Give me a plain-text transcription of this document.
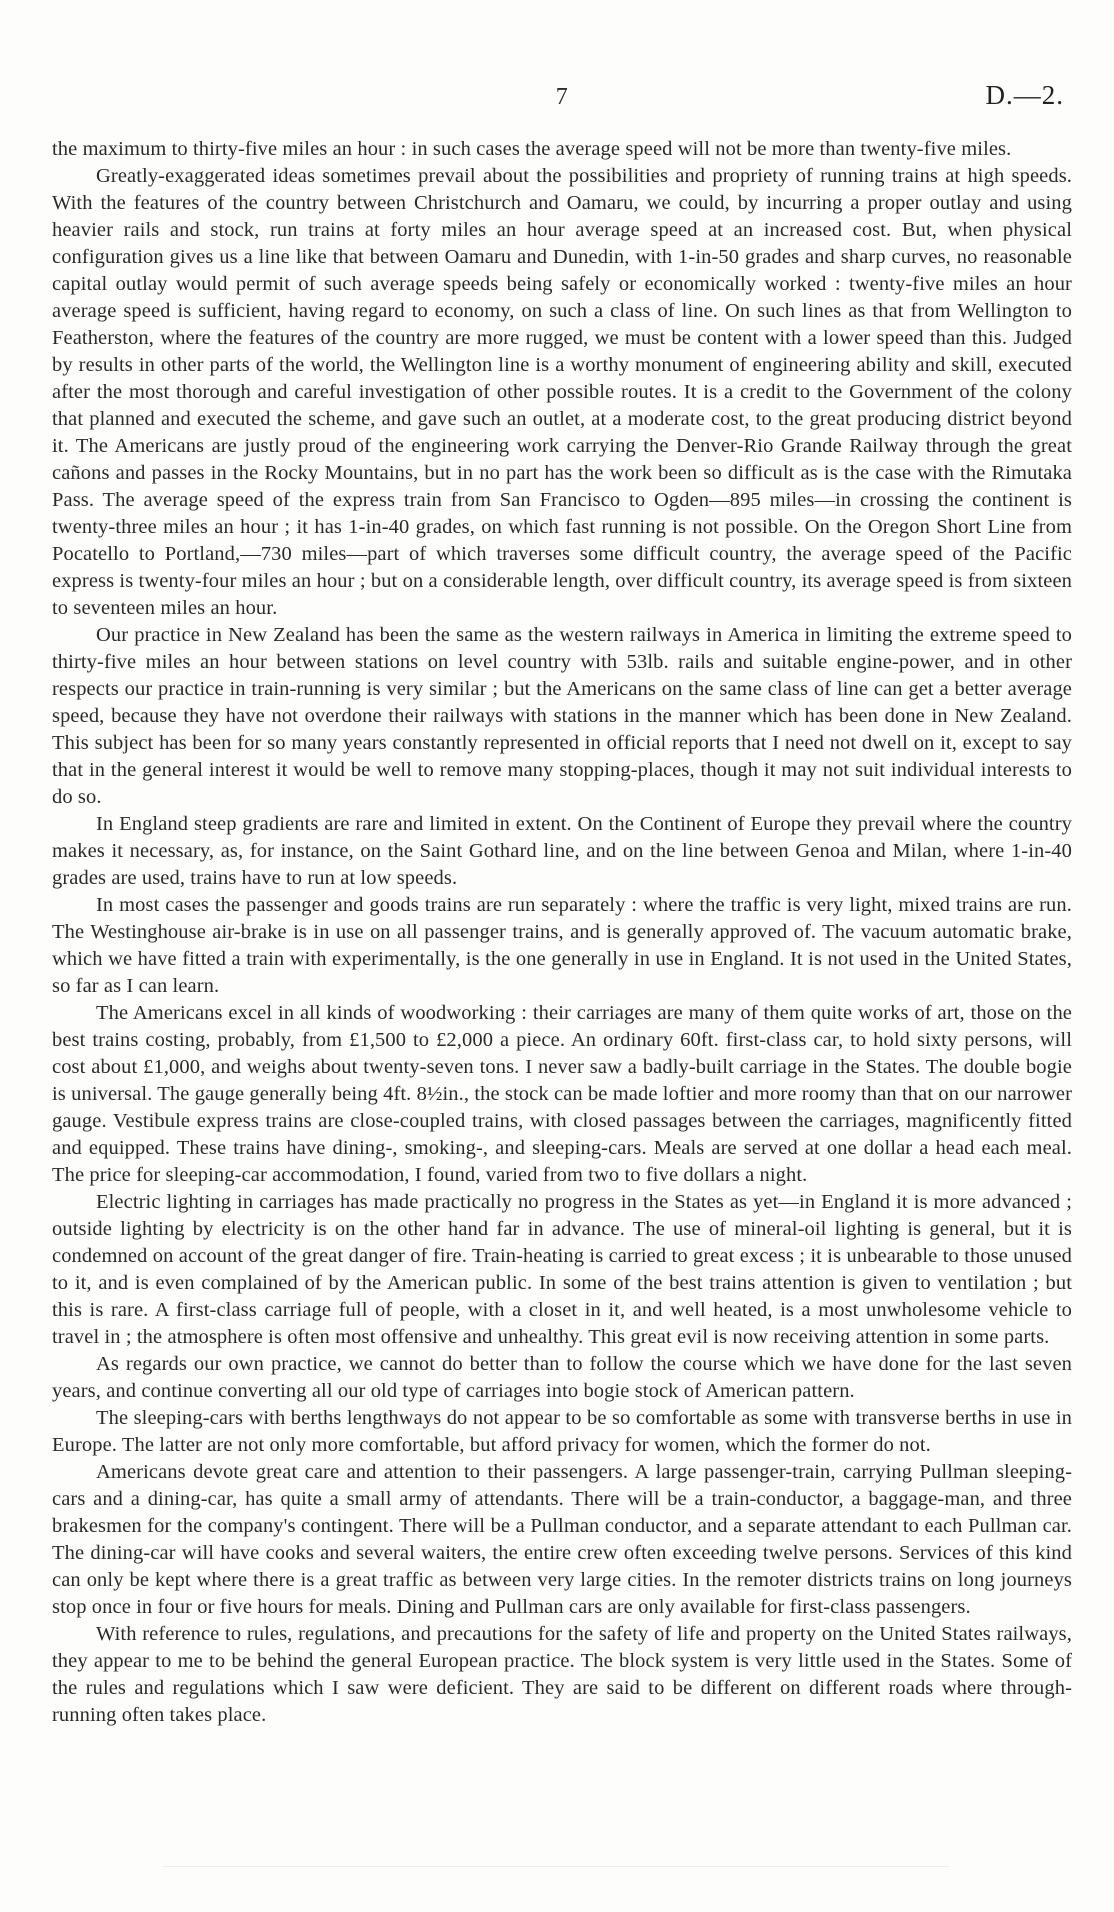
7	D.—2.

the maximum to thirty-five miles an hour : in such cases the average speed will not be more than twenty-five miles.

Greatly-exaggerated ideas sometimes prevail about the possibilities and propriety of running trains at high speeds. With the features of the country between Christchurch and Oamaru, we could, by incurring a proper outlay and using heavier rails and stock, run trains at forty miles an hour average speed at an increased cost. But, when physical configuration gives us a line like that between Oamaru and Dunedin, with 1-in-50 grades and sharp curves, no reasonable capital outlay would permit of such average speeds being safely or economically worked : twenty-five miles an hour average speed is sufficient, having regard to economy, on such a class of line. On such lines as that from Wellington to Featherston, where the features of the country are more rugged, we must be content with a lower speed than this. Judged by results in other parts of the world, the Wellington line is a worthy monument of engineering ability and skill, executed after the most thorough and careful investigation of other possible routes. It is a credit to the Government of the colony that planned and executed the scheme, and gave such an outlet, at a moderate cost, to the great producing district beyond it. The Americans are justly proud of the engineering work carrying the Denver-Rio Grande Railway through the great cañons and passes in the Rocky Mountains, but in no part has the work been so difficult as is the case with the Rimutaka Pass. The average speed of the express train from San Francisco to Ogden—895 miles—in crossing the continent is twenty-three miles an hour ; it has 1-in-40 grades, on which fast running is not possible. On the Oregon Short Line from Pocatello to Portland,—730 miles—part of which traverses some difficult country, the average speed of the Pacific express is twenty-four miles an hour ; but on a considerable length, over difficult country, its average speed is from sixteen to seventeen miles an hour.

Our practice in New Zealand has been the same as the western railways in America in limiting the extreme speed to thirty-five miles an hour between stations on level country with 53lb. rails and suitable engine-power, and in other respects our practice in train-running is very similar ; but the Americans on the same class of line can get a better average speed, because they have not overdone their railways with stations in the manner which has been done in New Zealand. This subject has been for so many years constantly represented in official reports that I need not dwell on it, except to say that in the general interest it would be well to remove many stopping-places, though it may not suit individual interests to do so.

In England steep gradients are rare and limited in extent. On the Continent of Europe they prevail where the country makes it necessary, as, for instance, on the Saint Gothard line, and on the line between Genoa and Milan, where 1-in-40 grades are used, trains have to run at low speeds.

In most cases the passenger and goods trains are run separately : where the traffic is very light, mixed trains are run. The Westinghouse air-brake is in use on all passenger trains, and is generally approved of. The vacuum automatic brake, which we have fitted a train with experimentally, is the one generally in use in England. It is not used in the United States, so far as I can learn.

The Americans excel in all kinds of woodworking : their carriages are many of them quite works of art, those on the best trains costing, probably, from £1,500 to £2,000 a piece. An ordinary 60ft. first-class car, to hold sixty persons, will cost about £1,000, and weighs about twenty-seven tons. I never saw a badly-built carriage in the States. The double bogie is universal. The gauge generally being 4ft. 8½in., the stock can be made loftier and more roomy than that on our narrower gauge. Vestibule express trains are close-coupled trains, with closed passages between the carriages, magnificently fitted and equipped. These trains have dining-, smoking-, and sleeping-cars. Meals are served at one dollar a head each meal. The price for sleeping-car accommodation, I found, varied from two to five dollars a night.

Electric lighting in carriages has made practically no progress in the States as yet—in England it is more advanced ; outside lighting by electricity is on the other hand far in advance. The use of mineral-oil lighting is general, but it is condemned on account of the great danger of fire. Train-heating is carried to great excess ; it is unbearable to those unused to it, and is even complained of by the American public. In some of the best trains attention is given to ventilation ; but this is rare. A first-class carriage full of people, with a closet in it, and well heated, is a most unwholesome vehicle to travel in ; the atmosphere is often most offensive and unhealthy. This great evil is now receiving attention in some parts.

As regards our own practice, we cannot do better than to follow the course which we have done for the last seven years, and continue converting all our old type of carriages into bogie stock of American pattern.

The sleeping-cars with berths lengthways do not appear to be so comfortable as some with transverse berths in use in Europe. The latter are not only more comfortable, but afford privacy for women, which the former do not.

Americans devote great care and attention to their passengers. A large passenger-train, carrying Pullman sleeping-cars and a dining-car, has quite a small army of attendants. There will be a train-conductor, a baggage-man, and three brakesmen for the company's contingent. There will be a Pullman conductor, and a separate attendant to each Pullman car. The dining-car will have cooks and several waiters, the entire crew often exceeding twelve persons. Services of this kind can only be kept where there is a great traffic as between very large cities. In the remoter districts trains on long journeys stop once in four or five hours for meals. Dining and Pullman cars are only available for first-class passengers.

With reference to rules, regulations, and precautions for the safety of life and property on the United States railways, they appear to me to be behind the general European practice. The block system is very little used in the States. Some of the rules and regulations which I saw were deficient. They are said to be different on different roads where through-running often takes place.
